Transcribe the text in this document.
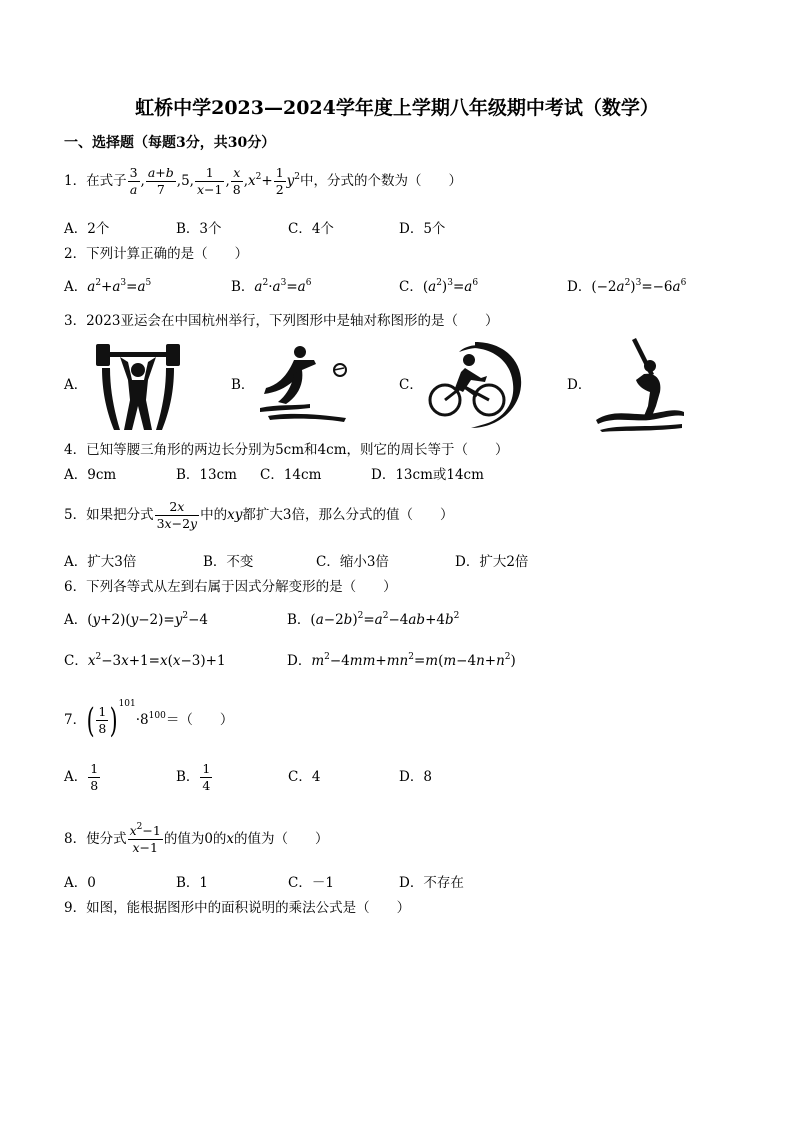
虹桥中学2023—2024学年度上学期八年级期中考试（数学）
一、选择题（每题3分，共30分）
1．在式子 $\frac{3}{a}$ , $\frac{a+b}{7} ,5$, $\frac{1}{x-1}$ , $\frac{x}{8} ,x^2+ \frac{1}{2} y^2$中，分式的个数为（　　）
A．2个	B．3个	C．4个	D．5个
2．下列计算正确的是（　　）
A．$a^2+a^3=a^5$	B．$a^2\cdot a^3=a^6$	C．$(a^2)^3=a^6$	D．$(-2a^2)^3=-6a^6$
3．2023亚运会在中国杭州举行，下列图形中是轴对称图形的是（　　）
A．	B．	C．	D．
4．已知等腰三角形的两边长分别为5cm和4cm，则它的周长等于（　　）
A．9cm	B．13cm C．14cm	D．13cm或14cm
5．如果把分式 $\frac{2x}{3x-2y}$ 中的xy都扩大3倍，那么分式的值（　　）
A．扩大3倍	B．不变	C．缩小3倍	D．扩大2倍
6．下列各等式从左到右属于因式分解变形的是（　　）
A．$(y+2)(y-2)=y^2-4$	B．$(a-2b)^2=a^2-4ab+4b^2$
C．$x^2-3x+1=x(x-3)+1$	D．$m^2-4mm+mn^2=m(m-4n+n^2)$
7．( $\frac{1}{8} )^{101}\cdot 8^{100}=$（　　）
A． $\frac{1}{8}$	B． $\frac{1}{4}$	C．4	D．8
8．使分式 $\frac{x^2-1}{x-1}$ 的值为0的x的值为（　　）
A．0	B．1	C．－1	D．不存在
9．如图，能根据图形中的面积说明的乘法公式是（　　）
